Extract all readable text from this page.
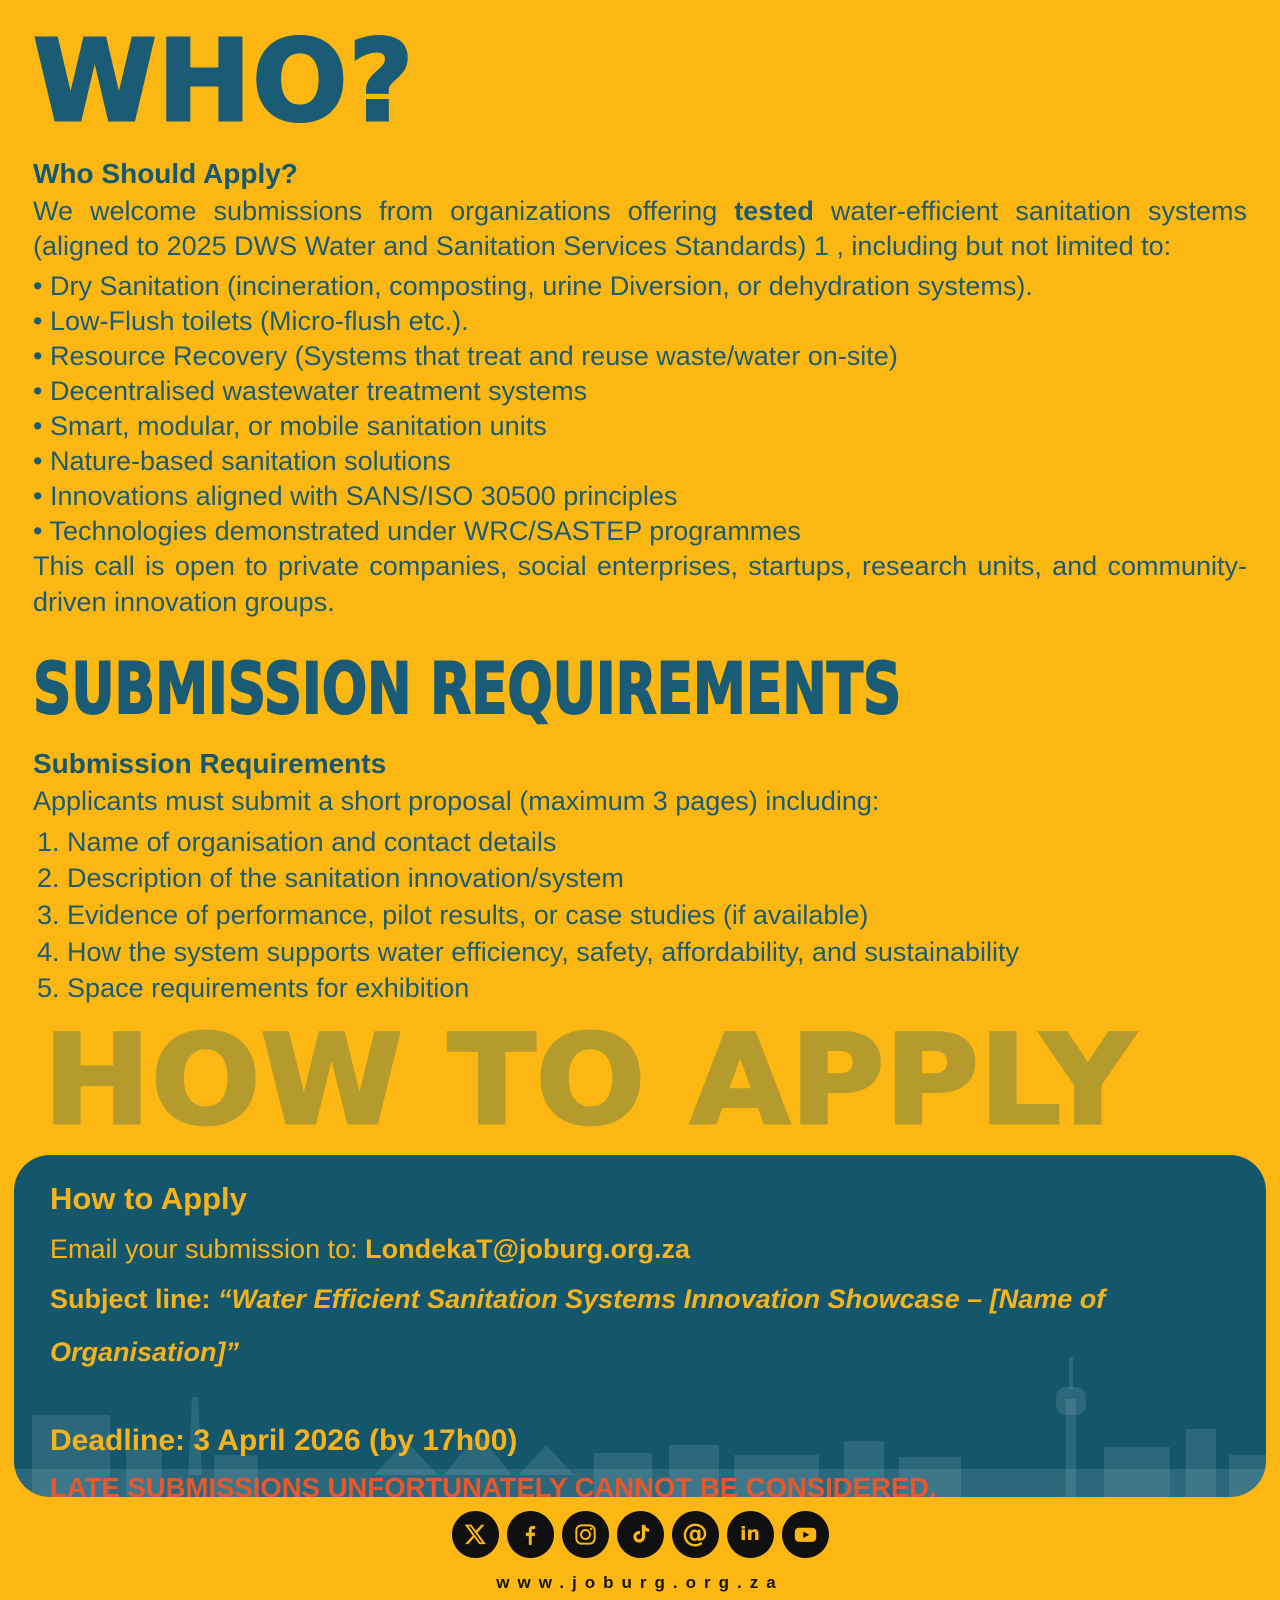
WHO?
Who Should Apply?

We welcome submissions from organizations offering tested water-efficient sanitation systems (aligned to 2025 DWS Water and Sanitation Services Standards) 1 , including but not limited to:

• Dry Sanitation (incineration, composting, urine Diversion, or dehydration systems).
• Low-Flush toilets (Micro-flush etc.).
• Resource Recovery (Systems that treat and reuse waste/water on-site)
• Decentralised wastewater treatment systems
• Smart, modular, or mobile sanitation units
• Nature-based sanitation solutions
• Innovations aligned with SANS/ISO 30500 principles
• Technologies demonstrated under WRC/SASTEP programmes

This call is open to private companies, social enterprises, startups, research units, and community-driven innovation groups.

SUBMISSION REQUIREMENTS
Submission Requirements

Applicants must submit a short proposal (maximum 3 pages) including:

Name of organisation and contact details
Description of the sanitation innovation/system
Evidence of performance, pilot results, or case studies (if available)
How the system supports water efficiency, safety, affordability, and sustainability
Space requirements for exhibition
HOW TO APPLY
How to Apply
Email your submission to: LondekaT@joburg.org.za
Subject line: “Water Efficient Sanitation Systems Innovation Showcase – [Name of Organisation]”
Deadline: 3 April 2026 (by 17h00)
LATE SUBMISSIONS UNFORTUNATELY CANNOT BE CONSIDERED.
@ in
www.joburg.org.za
